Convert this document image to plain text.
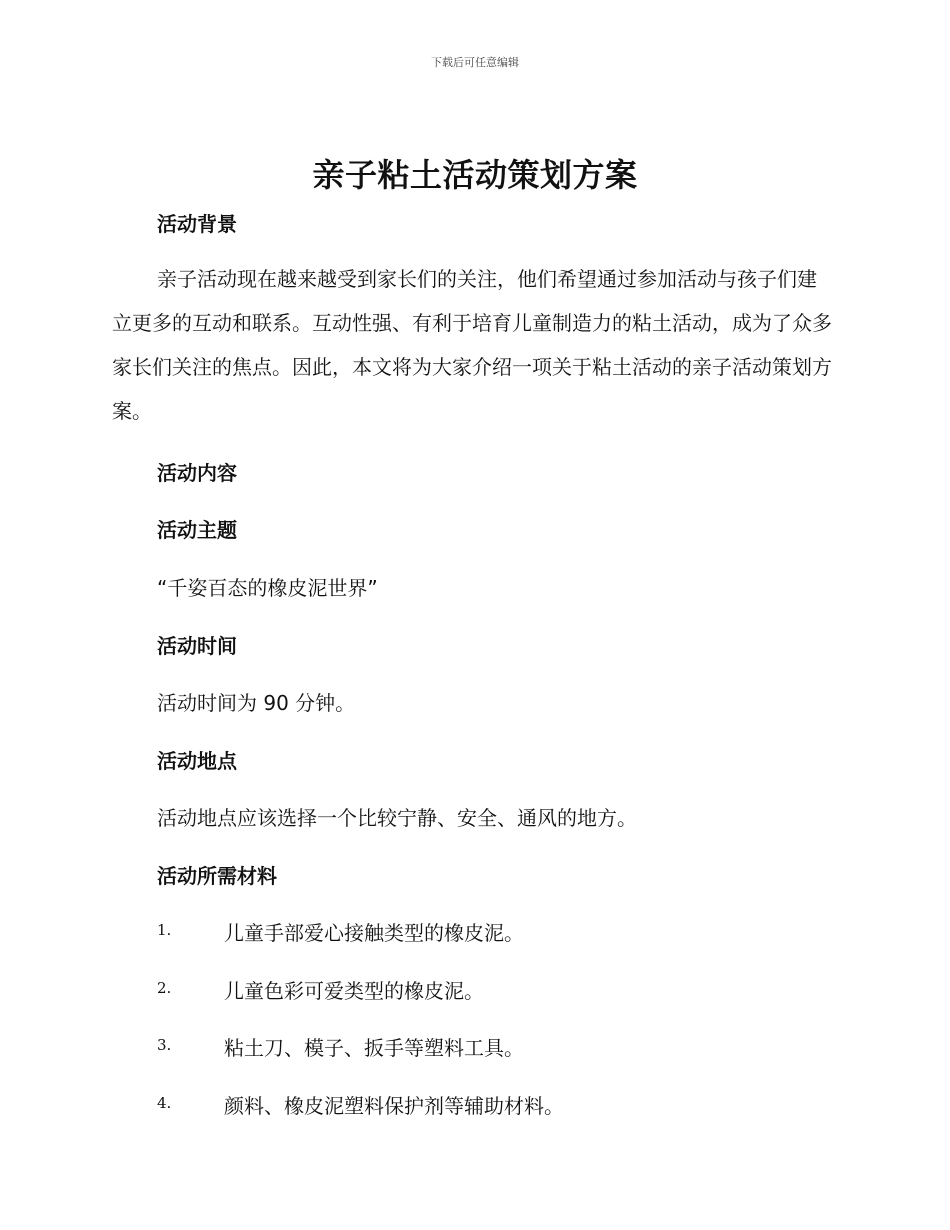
下载后可任意编辑
亲子粘土活动策划方案
活动背景

亲子活动现在越来越受到家长们的关注，他们希望通过参加活动与孩子们建立更多的互动和联系。互动性强、有利于培育儿童制造力的粘土活动，成为了众多家长们关注的焦点。因此，本文将为大家介绍一项关于粘土活动的亲子活动策划方案。

活动内容
活动主题

“千姿百态的橡皮泥世界”

活动时间

活动时间为 90 分钟。

活动地点

活动地点应该选择一个比较宁静、安全、通风的地方。

活动所需材料
1.	儿童手部爱心接触类型的橡皮泥。
2.	儿童色彩可爱类型的橡皮泥。
3.	粘土刀、模子、扳手等塑料工具。
4.	颜料、橡皮泥塑料保护剂等辅助材料。
